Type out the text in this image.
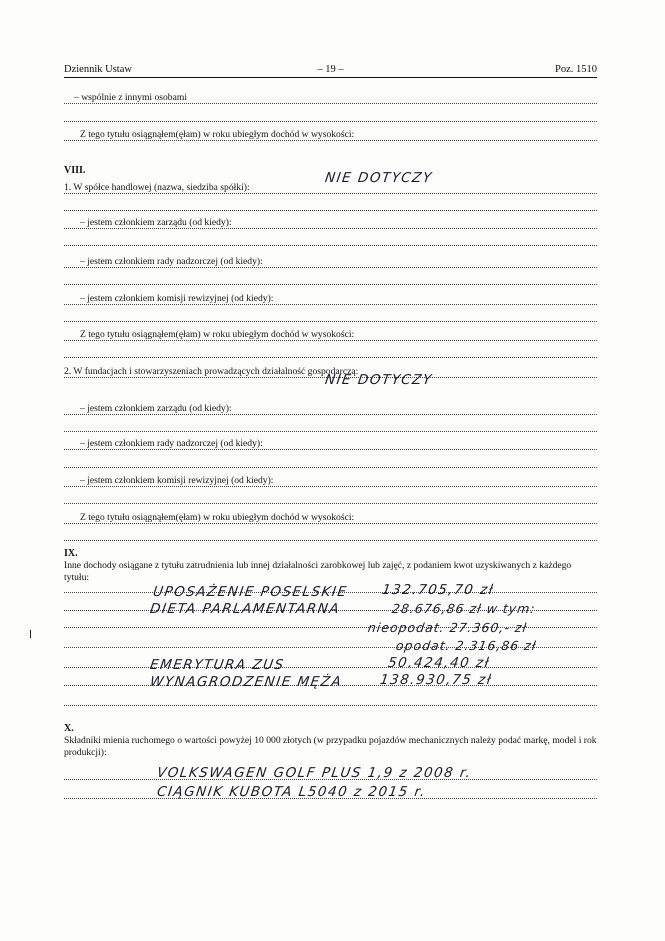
Dziennik Ustaw	– 19 –	Poz. 1510
– wspólnie z innymi osobami
Z tego tytułu osiągnąłem(ęłam) w roku ubiegłym dochód w wysokości:
VIII.
1. W spółce handlowej (nazwa, siedziba spółki):
NIE DOTYCZY
– jestem członkiem zarządu (od kiedy):
– jestem członkiem rady nadzorczej (od kiedy):
– jestem członkiem komisji rewizyjnej (od kiedy):
Z tego tytułu osiągnąłem(ęłam) w roku ubiegłym dochód w wysokości:
2. W fundacjach i stowarzyszeniach prowadzących działalność gospodarczą:
NIE DOTYCZY
– jestem członkiem zarządu (od kiedy):
– jestem członkiem rady nadzorczej (od kiedy):
– jestem członkiem komisji rewizyjnej (od kiedy):
Z tego tytułu osiągnąłem(ęłam) w roku ubiegłym dochód w wysokości:
IX.
Inne dochody osiągane z tytułu zatrudnienia lub innej działalności zarobkowej lub zajęć, z podaniem kwot uzyskiwanych z każdego tytułu:
UPOSAŻENIE POSELSKIE 132.705,70 zł
DIETA PARLAMENTARNA	28.676,86 zł w tym:
nieopodat. 27.360,- zł
opodat. 2.316,86 zł
EMERYTURA ZUS	50.424,40 zł
WYNAGRODZENIE MĘŻA	138.930,75 zł
X.
Składniki mienia ruchomego o wartości powyżej 10 000 złotych (w przypadku pojazdów mechanicznych należy podać markę, model i rok produkcji):
VOLKSWAGEN GOLF PLUS 1,9 z 2008 r.
CIĄGNIK KUBOTA L5040 z 2015 r.
